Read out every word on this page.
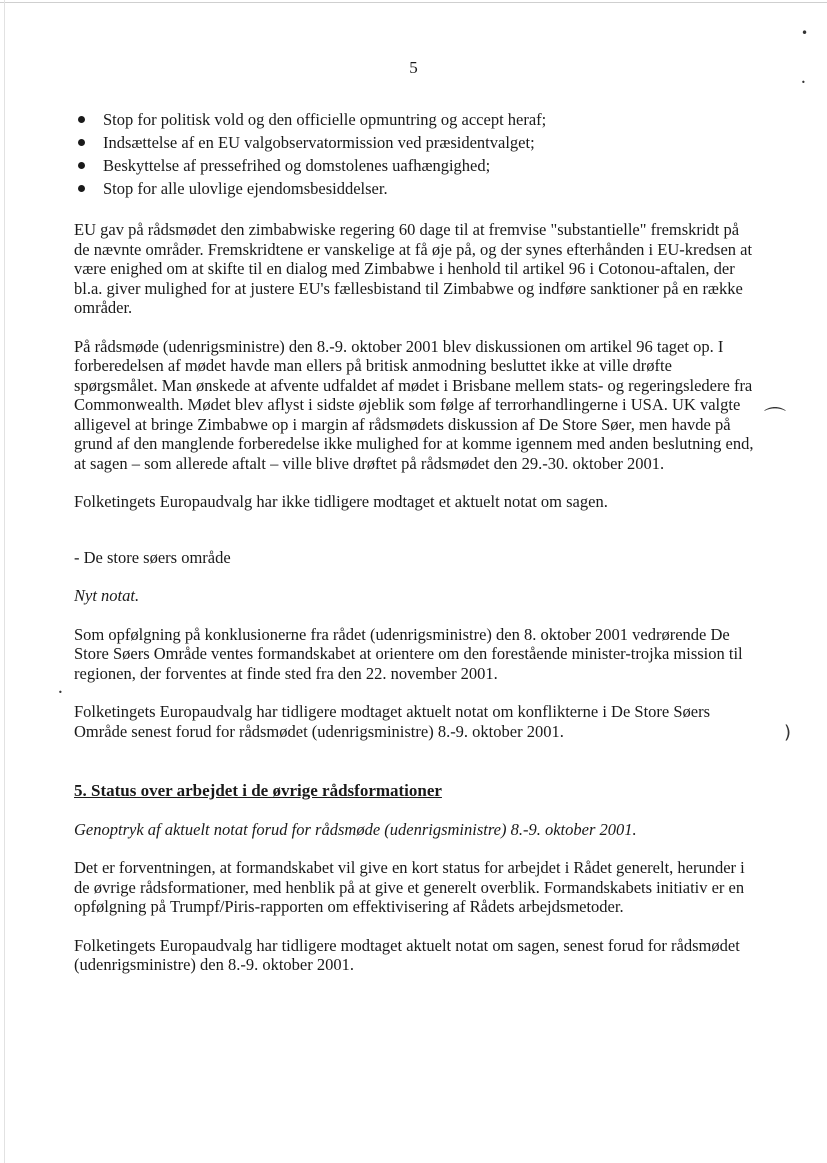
5
Stop for politisk vold og den officielle opmuntring og accept heraf;
Indsættelse af en EU valgobservatormission ved præsidentvalget;
Beskyttelse af pressefrihed og domstolenes uafhængighed;
Stop for alle ulovlige ejendomsbesiddelser.

EU gav på rådsmødet den zimbabwiske regering 60 dage til at fremvise "substantielle" fremskridt på de nævnte områder. Fremskridtene er vanskelige at få øje på, og der synes efterhånden i EU-kredsen at være enighed om at skifte til en dialog med Zimbabwe i henhold til artikel 96 i Cotonou-aftalen, der bl.a. giver mulighed for at justere EU's fællesbistand til Zimbabwe og indføre sanktioner på en række områder.

På rådsmøde (udenrigsministre) den 8.-9. oktober 2001 blev diskussionen om artikel 96 taget op. I forberedelsen af mødet havde man ellers på britisk anmodning besluttet ikke at ville drøfte spørgsmålet. Man ønskede at afvente udfaldet af mødet i Brisbane mellem stats- og regeringsledere fra Commonwealth. Mødet blev aflyst i sidste øjeblik som følge af terrorhandlingerne i USA. UK valgte alligevel at bringe Zimbabwe op i margin af rådsmødets diskussion af De Store Søer, men havde på grund af den manglende forberedelse ikke mulighed for at komme igennem med anden beslutning end, at sagen – som allerede aftalt – ville blive drøftet på rådsmødet den 29.-30. oktober 2001.

Folketingets Europaudvalg har ikke tidligere modtaget et aktuelt notat om sagen.

- De store søers område

Nyt notat.

Som opfølgning på konklusionerne fra rådet (udenrigsministre) den 8. oktober 2001 vedrørende De Store Søers Område ventes formandskabet at orientere om den forestående minister-trojka mission til regionen, der forventes at finde sted fra den 22. november 2001.

Folketingets Europaudvalg har tidligere modtaget aktuelt notat om konflikterne i De Store Søers Område senest forud for rådsmødet (udenrigsministre) 8.-9. oktober 2001.

5. Status over arbejdet i de øvrige rådsformationer

Genoptryk af aktuelt notat forud for rådsmøde (udenrigsministre) 8.-9. oktober 2001.

Det er forventningen, at formandskabet vil give en kort status for arbejdet i Rådet generelt, herunder i de øvrige rådsformationer, med henblik på at give et generelt overblik. Formandskabets initiativ er en opfølgning på Trumpf/Piris-rapporten om effektivisering af Rådets arbejdsmetoder.

Folketingets Europaudvalg har tidligere modtaget aktuelt notat om sagen, senest forud for rådsmødet (udenrigsministre) den 8.-9. oktober 2001.

•
•
⌒
)
•
